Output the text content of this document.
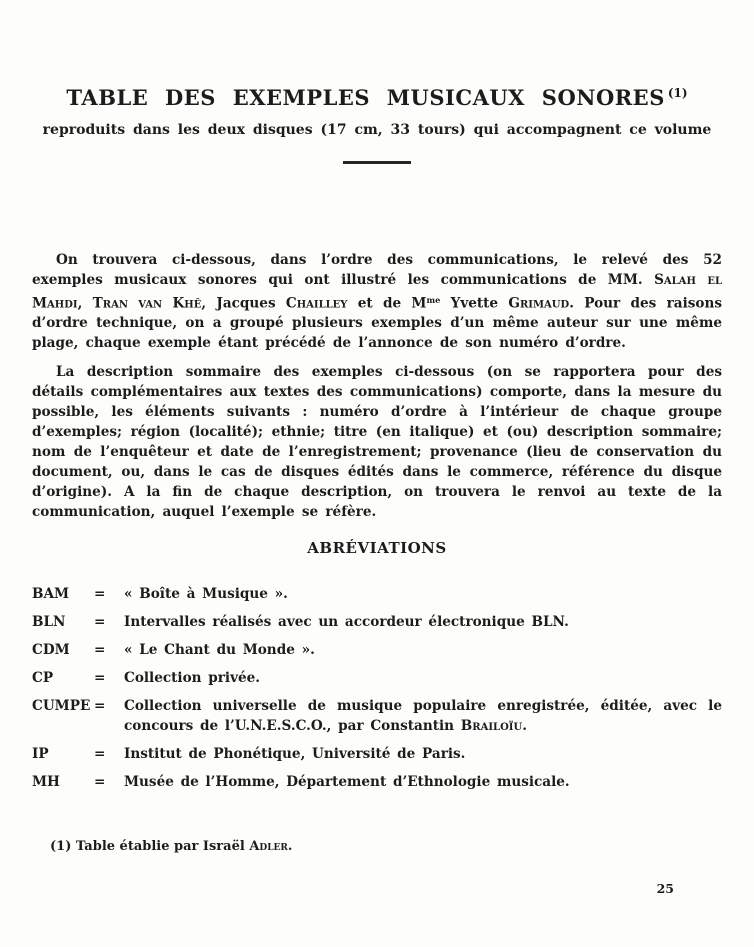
TABLE DES EXEMPLES MUSICAUX SONORES $^{(1)}$

reproduits dans les deux disques (17 cm, 33 tours) qui accompagnent ce volume

On trouvera ci-dessous, dans l’ordre des communications, le relevé des 52 exemples musicaux sonores qui ont illustré les communications de MM. Salah el Mahdi, Tran van Khê, Jacques Chailley et de $M^{me}$ Yvette Grimaud. Pour des raisons d’ordre technique, on a groupé plusieurs exemples d’un même auteur sur une même plage, chaque exemple étant précédé de l’annonce de son numéro d’ordre.

La description sommaire des exemples ci-dessous (on se rapportera pour des détails complémentaires aux textes des communications) comporte, dans la mesure du possible, les éléments suivants : numéro d’ordre à l’intérieur de chaque groupe d’exemples; région (localité); ethnie; titre (en italique) et (ou) description sommaire; nom de l’enquêteur et date de l’enregistrement; provenance (lieu de conservation du document, ou, dans le cas de disques édités dans le commerce, référence du disque d’origine). A la fin de chaque description, on trouvera le renvoi au texte de la communication, auquel l’exemple se réfère.

ABRÉVIATIONS
BAM	=	« Boîte à Musique ».
BLN	=	Intervalles réalisés avec un accordeur électronique BLN.
CDM	=	« Le Chant du Monde ».
CP	=	Collection privée.
CUMPE =	Collection universelle de musique populaire enregistrée, éditée, avec le concours de l’U.N.E.S.C.O., par Constantin Brailoïu.
IP	=	Institut de Phonétique, Université de Paris.
MH	=	Musée de l’Homme, Département d’Ethnologie musicale.

(1) Table établie par Israël Adler.

25
